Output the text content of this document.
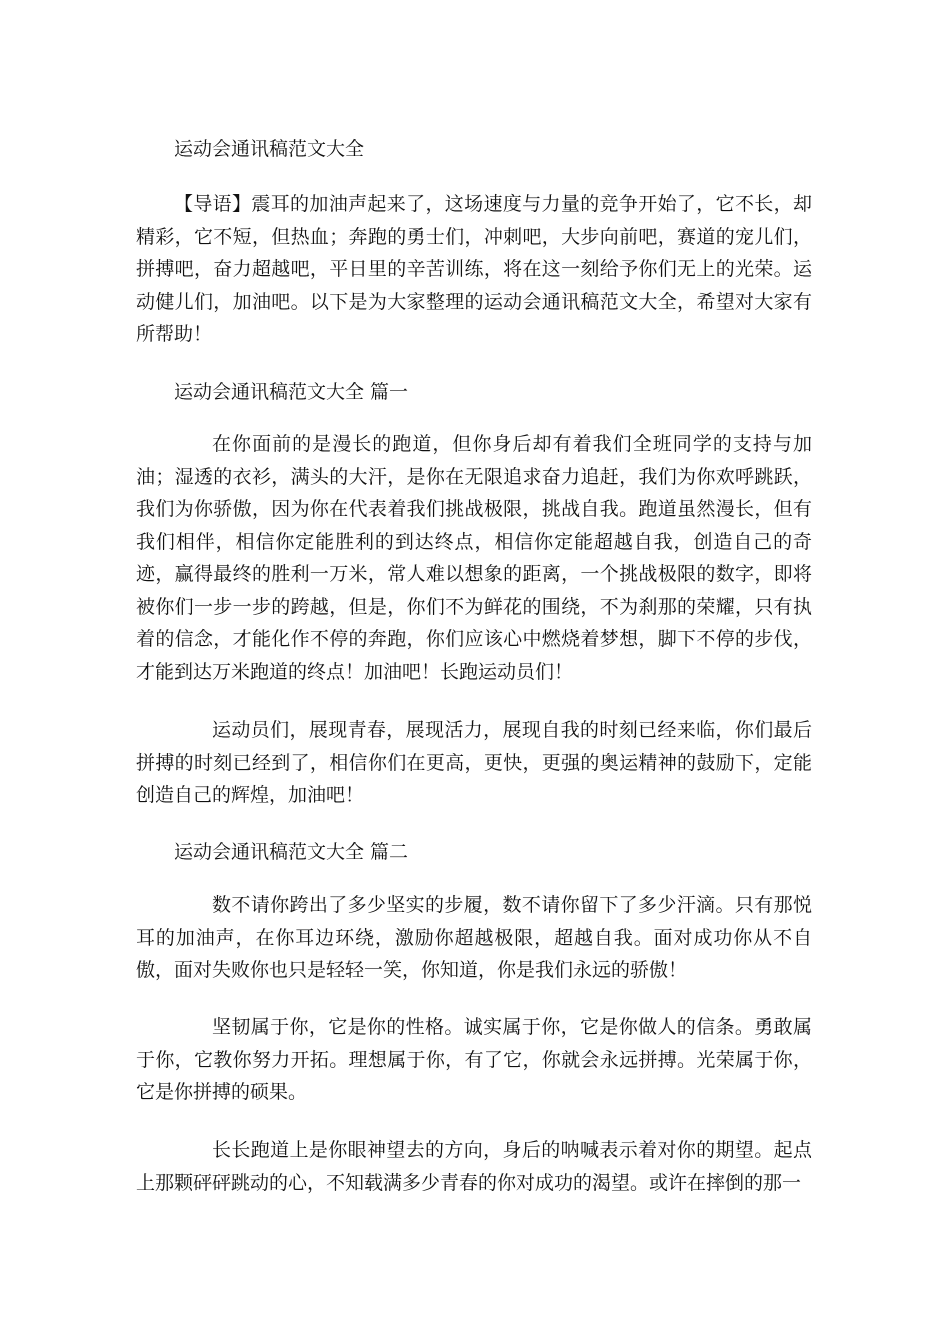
运动会通讯稿范文大全

【导语】震耳的加油声起来了，这场速度与力量的竞争开始了，它不长，却精彩，它不短，但热血；奔跑的勇士们，冲刺吧，大步向前吧，赛道的宠儿们，拼搏吧，奋力超越吧，平日里的辛苦训练，将在这一刻给予你们无上的光荣。运动健儿们，加油吧。以下是为大家整理的运动会通讯稿范文大全，希望对大家有所帮助！

运动会通讯稿范文大全 篇一

在你面前的是漫长的跑道，但你身后却有着我们全班同学的支持与加油；湿透的衣衫，满头的大汗，是你在无限追求奋力追赶，我们为你欢呼跳跃，我们为你骄傲，因为你在代表着我们挑战极限，挑战自我。跑道虽然漫长，但有我们相伴，相信你定能胜利的到达终点，相信你定能超越自我，创造自己的奇迹，赢得最终的胜利一万米，常人难以想象的距离，一个挑战极限的数字，即将被你们一步一步的跨越，但是，你们不为鲜花的围绕，不为刹那的荣耀，只有执着的信念，才能化作不停的奔跑，你们应该心中燃烧着梦想，脚下不停的步伐，才能到达万米跑道的终点！加油吧！长跑运动员们！

运动员们，展现青春，展现活力，展现自我的时刻已经来临，你们最后拼搏的时刻已经到了，相信你们在更高，更快，更强的奥运精神的鼓励下，定能创造自己的辉煌，加油吧！

运动会通讯稿范文大全 篇二

数不请你跨出了多少坚实的步履，数不请你留下了多少汗滴。只有那悦耳的加油声，在你耳边环绕，激励你超越极限，超越自我。面对成功你从不自傲，面对失败你也只是轻轻一笑，你知道，你是我们永远的骄傲！

坚韧属于你，它是你的性格。诚实属于你，它是你做人的信条。勇敢属于你，它教你努力开拓。理想属于你，有了它，你就会永远拼搏。光荣属于你，它是你拼搏的硕果。

长长跑道上是你眼神望去的方向，身后的呐喊表示着对你的期望。起点上那颗砰砰跳动的心，不知载满多少青春的你对成功的渴望。或许在摔倒的那一
